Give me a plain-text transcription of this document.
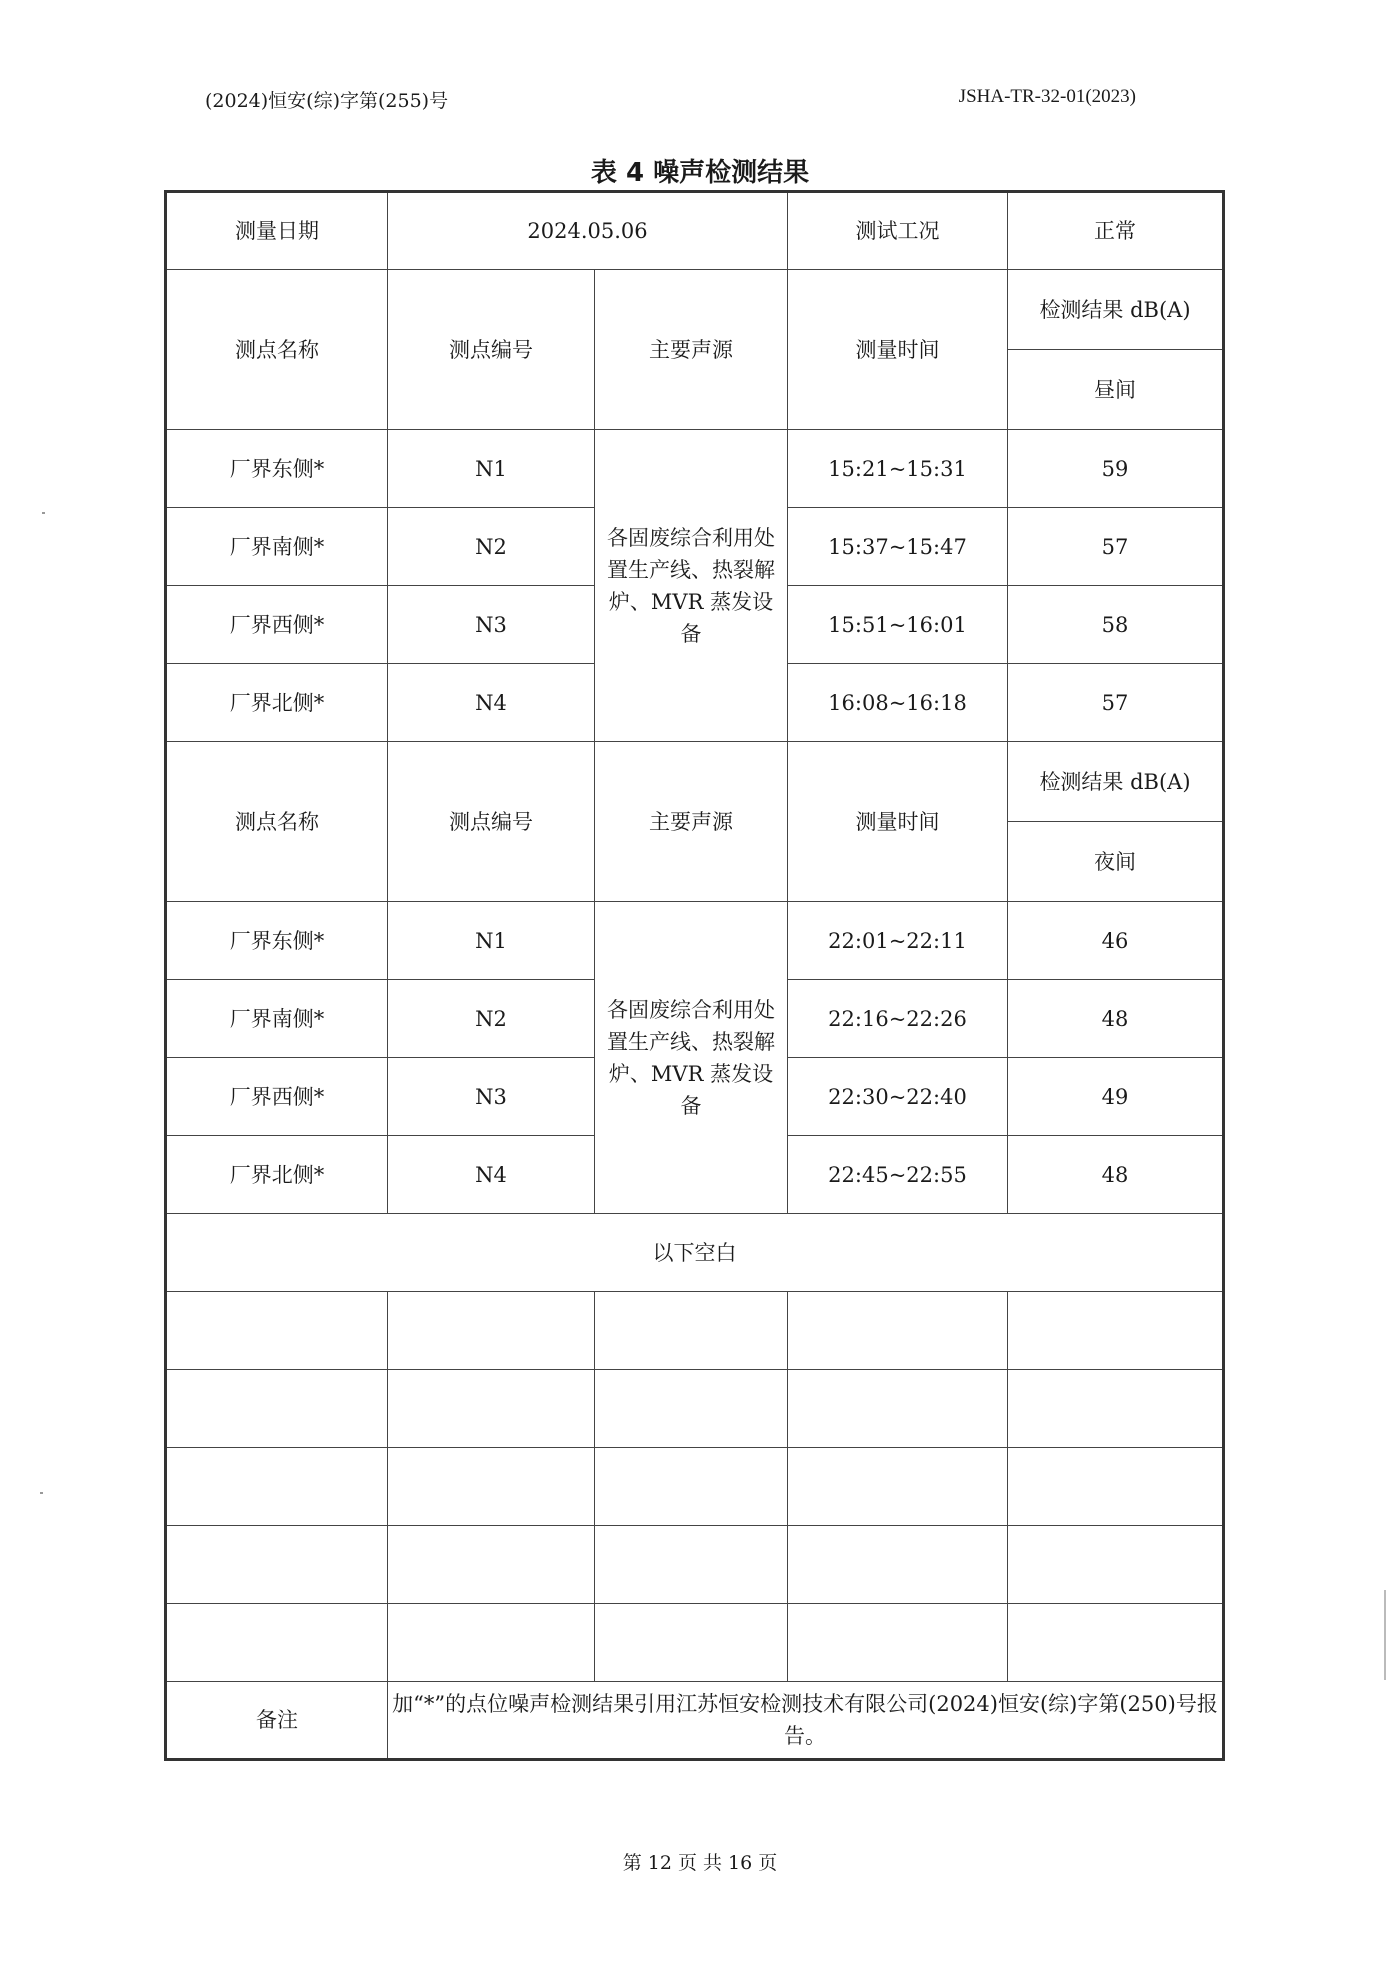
(2024)恒安(综)字第(255)号	JSHA-TR-32-01(2023)
表 4 噪声检测结果
测量日期	2024.05.06		测试工况	正常
测点名称	测点编号	主要声源	测量时间	检测结果 dB(A)
				昼间
厂界东侧*	N1	各固废综合利用处置生产线、热裂解炉、MVR 蒸发设备	15:21~15:31	59
厂界南侧*	N2		15:37~15:47	57
厂界西侧*	N3		15:51~16:01	58
厂界北侧*	N4		16:08~16:18	57
测点名称	测点编号	主要声源	测量时间	检测结果 dB(A)
				夜间
厂界东侧*	N1	各固废综合利用处置生产线、热裂解炉、MVR 蒸发设备	22:01~22:11	46
厂界南侧*	N2		22:16~22:26	48
厂界西侧*	N3		22:30~22:40	49
厂界北侧*	N4		22:45~22:55	48
以下空白				

备注	加“*”的点位噪声检测结果引用江苏恒安检测技术有限公司(2024)恒安(综)字第(250)号报告。			
第 12 页 共 16 页
